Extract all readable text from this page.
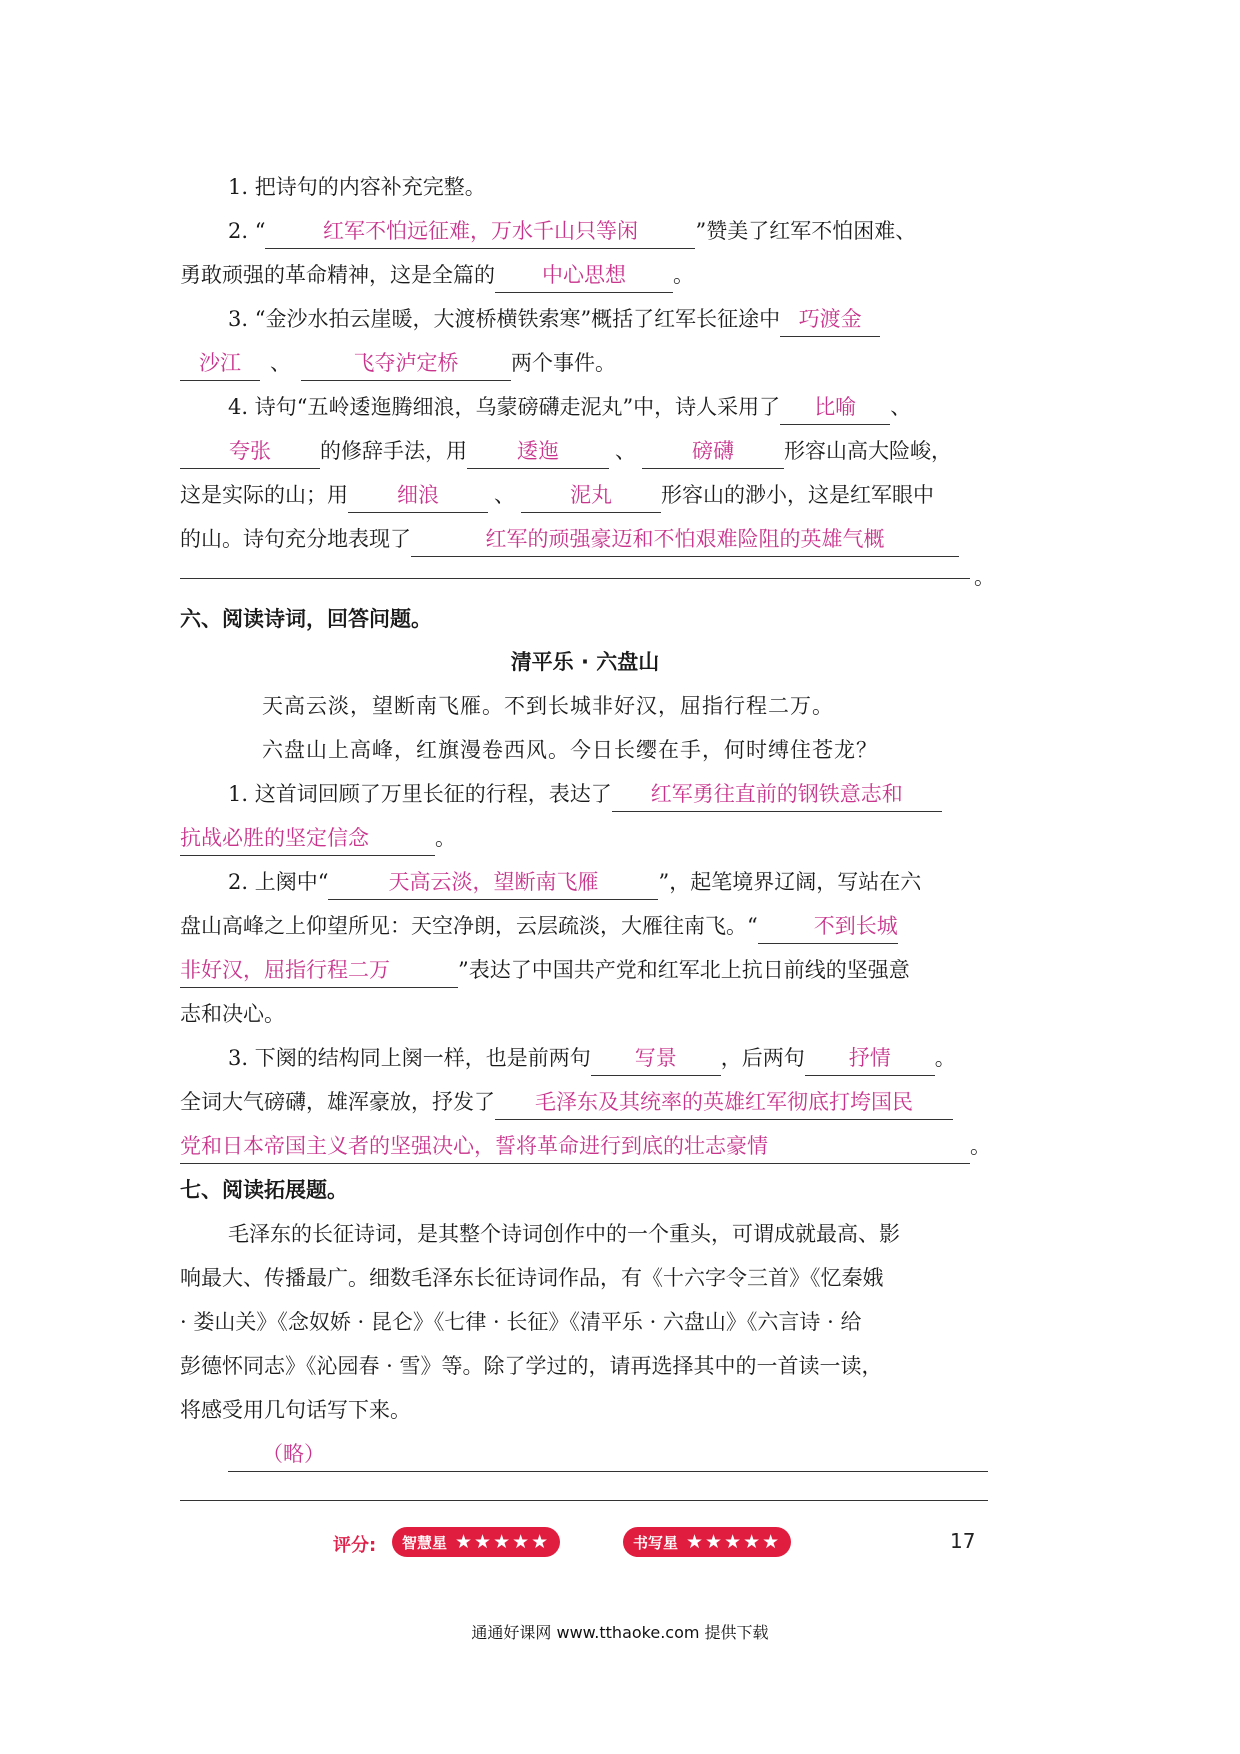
1. 把诗句的内容补充完整。
2. “	红军不怕远征难，万水千山只等闲	”赞美了红军不怕困难、
勇敢顽强的革命精神，这是全篇的 中心思想 。
3. “金沙水拍云崖暖，大渡桥横铁索寒”概括了红军长征途中 巧渡金
沙江 、	飞夺泸定桥	两个事件。
4. 诗句“五岭逶迤腾细浪，乌蒙磅礴走泥丸”中，诗人采用了 比喻 、
夸张 的修辞手法，用 逶迤	、	磅礴 形容山高大险峻，
这是实际的山；用 细浪	、	泥丸 形容山的渺小，这是红军眼中
的山。诗句充分地表现了	红军的顽强豪迈和不怕艰难险阻的英雄气概
。
六、阅读诗词，回答问题。
清平乐 · 六盘山
天高云淡，望断南飞雁。不到长城非好汉，屈指行程二万。
六盘山上高峰，红旗漫卷西风。今日长缨在手，何时缚住苍龙？
1. 这首词回顾了万里长征的行程，表达了 红军勇往直前的钢铁意志和
抗战必胜的坚定信念	。
2. 上阕中“	天高云淡，望断南飞雁	”，起笔境界辽阔，写站在六
盘山高峰之上仰望所见：天空净朗，云层疏淡，大雁往南飞。“	不到长城
非好汉，屈指行程二万	”表达了中国共产党和红军北上抗日前线的坚强意
志和决心。
3. 下阕的结构同上阕一样，也是前两句 写景 ，后两句 抒情 。
全词大气磅礴，雄浑豪放，抒发了 毛泽东及其统率的英雄红军彻底打垮国民
党和日本帝国主义者的坚强决心，誓将革命进行到底的壮志豪情	。
七、阅读拓展题。
毛泽东的长征诗词，是其整个诗词创作中的一个重头，可谓成就最高、影
响最大、传播最广。细数毛泽东长征诗词作品，有《十六字令三首》《忆秦娥
· 娄山关》《念奴娇 · 昆仑》《七律 · 长征》《清平乐 · 六盘山》《六言诗 · 给
彭德怀同志》《沁园春 · 雪》等。除了学过的，请再选择其中的一首读一读，
将感受用几句话写下来。
（略）
评分:	智慧星 ★★★★★	书写星 ★★★★★	17
通通好课网 www.tthaoke.com 提供下载
